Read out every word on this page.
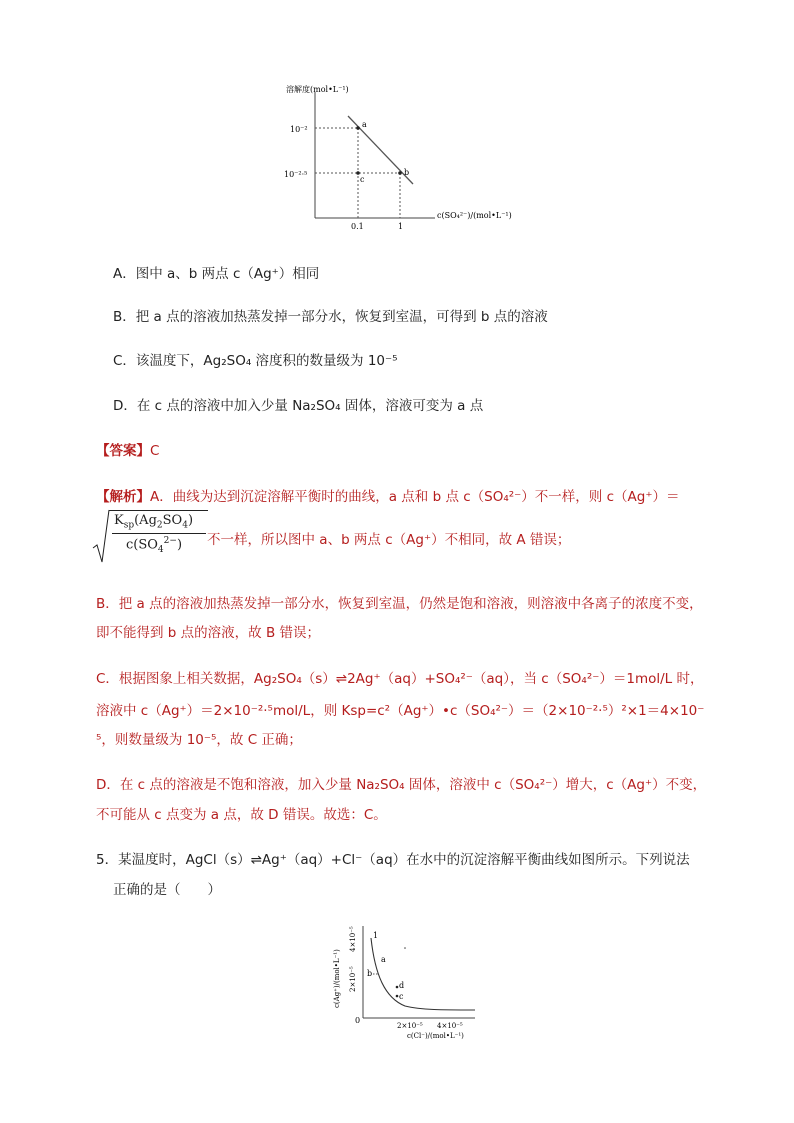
a
b
c
溶解度(mol•L⁻¹)
10⁻²
10⁻²·⁵
0.1	1
c(SO₄²⁻)/(mol•L⁻¹)
A．图中 a、b 两点 c（Ag⁺）相同
B．把 a 点的溶液加热蒸发掉一部分水，恢复到室温，可得到 b 点的溶液
C．该温度下，Ag₂SO₄ 溶度积的数量级为 10⁻⁵
D．在 c 点的溶液中加入少量 Na₂SO₄ 固体，溶液可变为 a 点
【答案】C
【解析】A．曲线为达到沉淀溶解平衡时的曲线，a 点和 b 点 c（SO₄²⁻）不一样，则 c（Ag⁺）＝
$K_{sp}(Ag_2SO_4)$
$c(SO_4^{2-})$ 不一样，所以图中 a、b 两点 c（Ag⁺）不相同，故 A 错误；
B．把 a 点的溶液加热蒸发掉一部分水，恢复到室温，仍然是饱和溶液，则溶液中各离子的浓度不变，
即不能得到 b 点的溶液，故 B 错误；
C．根据图象上相关数据，Ag₂SO₄（s）⇌2Ag⁺（aq）+SO₄²⁻（aq），当 c（SO₄²⁻）＝1mol/L 时，
溶液中 c（Ag⁺）＝2×10⁻²·⁵mol/L，则 Ksp=c²（Ag⁺）•c（SO₄²⁻）＝（2×10⁻²·⁵）²×1＝4×10⁻
⁵，则数量级为 10⁻⁵，故 C 正确；
D．在 c 点的溶液是不饱和溶液，加入少量 Na₂SO₄ 固体，溶液中 c（SO₄²⁻）增大，c（Ag⁺）不变，
不可能从 c 点变为 a 点，故 D 错误。故选：C。
5．某温度时，AgCl（s）⇌Ag⁺（aq）+Cl⁻（aq）在水中的沉淀溶解平衡曲线如图所示。下列说法
正确的是（　　）
1
a
b
d
c
0
2×10⁻⁵ 4×10⁻⁵
c(Cl⁻)/(mol•L⁻¹)
c(Ag⁺)/(mol•L⁻¹) 2×10⁻⁵
4×10⁻⁵
